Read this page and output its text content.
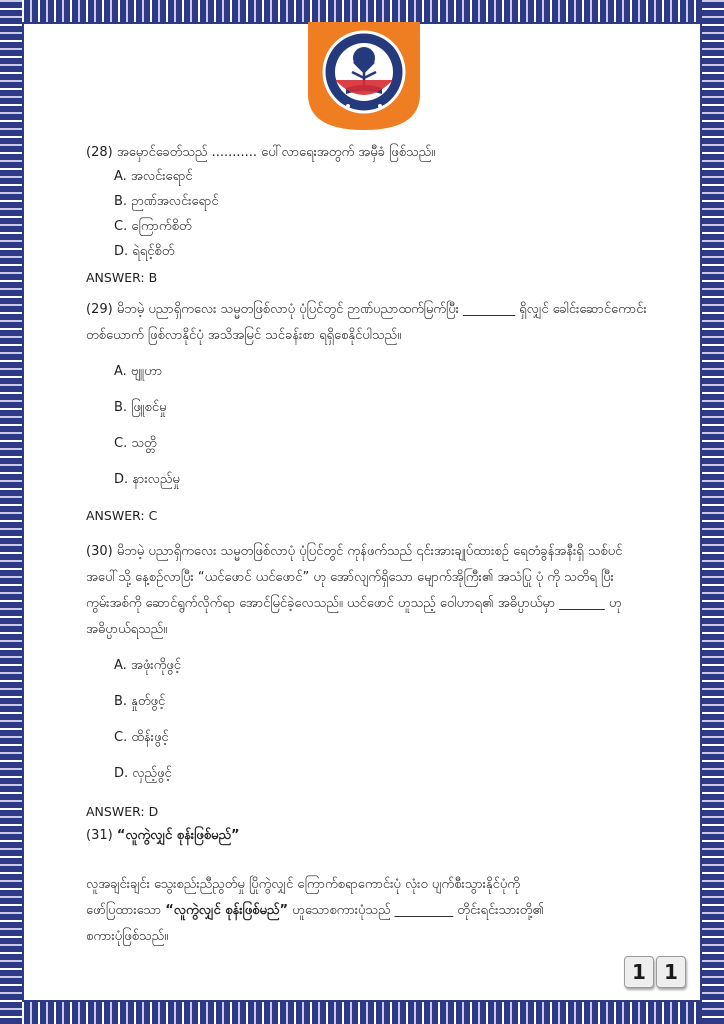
(28) အမှောင်ခေတ်သည် ........... ပေါ်လာရေးအတွက် အမှီခံ ဖြစ်သည်။

A. အလင်းရောင်

B. ဉာဏ်အလင်းရောင်

C. ကြောက်စိတ်

D. ရဲရင့်စိတ်

ANSWER: B

(29) မိဘမဲ့ ပညာရှိကလေး သမ္မတဖြစ်လာပုံ ပုံပြင်တွင် ဉာဏ်ပညာထက်မြက်ပြီး ________ ရှိလျှင် ခေါင်းဆောင်ကောင်းတစ်ယောက် ဖြစ်လာနိုင်ပုံ အသိအမြင် သင်ခန်းစာ ရရှိစေနိုင်ပါသည်။

A. ဗျူဟာ

B. ဖြူစင်မှု

C. သတ္တိ

D. နားလည်မှု

ANSWER: C

(30) မိဘမဲ့ ပညာရှိကလေး သမ္မတဖြစ်လာပုံ ပုံပြင်တွင် ကုန်ဖက်သည် ၎င်းအားချုပ်ထားစဉ် ရေတံခွန်အနီးရှိ သစ်ပင် အပေါ်သို့ နေ့စဉ်လာပြီး “ယင်ဖောင် ယင်ဖောင်” ဟု အော်လျက်ရှိသော မျောက်အိုကြီး၏ အသံပြု ပုံ ကို သတိရ ပြီး ကွမ်းအစ်ကို ဆောင်ရွက်လိုက်ရာ အောင်မြင်ခဲ့လေသည်။ ယင်ဖောင် ဟူသည့် ဝေါဟာရ၏ အဓိပ္ပာယ်မှာ _______ ဟု အဓိပ္ပာယ်ရသည်။

A. အဖုံးကိုဖွင့်

B. နှုတ်ဖွင့်

C. ထိန်းဖွင့်

D. လှည့်ဖွင့်

ANSWER: D

(31) “လူကွဲလျှင် စုန်းဖြစ်မည်”

လူအချင်းချင်း သွေးစည်းညီညွတ်မှု ပြိုကွဲလျှင် ကြောက်စရာကောင်းပုံ လုံးဝ ပျက်စီးသွားနိုင်ပုံကို

ဖော်ပြထားသော “လူကွဲလျှင် စုန်းဖြစ်မည်” ဟူသောစကားပုံသည် _________ တိုင်းရင်းသားတို့၏

စကားပုံဖြစ်သည်။

1 1
